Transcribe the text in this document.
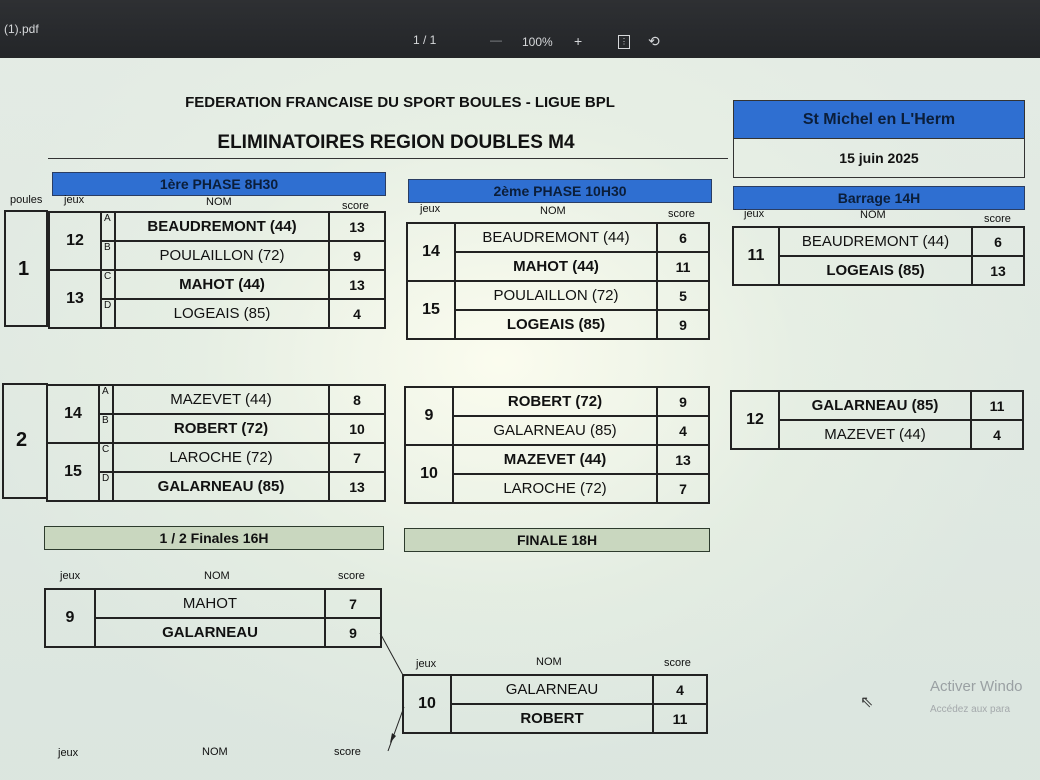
(1).pdf
1 / 1	— 100% +	⋮ ⟲
FEDERATION FRANCAISE DU SPORT BOULES - LIGUE BPL
ELIMINATOIRES REGION DOUBLES M4
St Michel en L'Herm
15 juin 2025
1ère PHASE 8H30	2ème PHASE 10H30	Barrage 14H
poules jeux	NOM	score	jeux	NOM	score	jeux	NOM	score
1
12	A	BEAUDREMONT (44)	13
	B	POULAILLON (72)	9
13	C	MAHOT (44)	13
	D	LOGEAIS (85)	4
14	BEAUDREMONT (44)	6
	MAHOT (44)	11
15	POULAILLON (72)	5
	LOGEAIS (85)	9
11	BEAUDREMONT (44)	6
	LOGEAIS (85)	13
2
14	A	MAZEVET (44)	8
	B	ROBERT (72)	10
15	C	LAROCHE (72)	7
	D	GALARNEAU (85)	13
9	ROBERT (72)	9
	GALARNEAU (85)	4
10	MAZEVET (44)	13
	LAROCHE (72)	7
12	GALARNEAU (85)	11
	MAZEVET (44)	4
1 / 2 Finales 16H	FINALE 18H
jeux	NOM	score
9	MAHOT	7
	GALARNEAU	9
jeux	NOM	score
10	GALARNEAU	4
	ROBERT	11
jeux	NOM	score
⇖
Activer Windo
Accédez aux para
